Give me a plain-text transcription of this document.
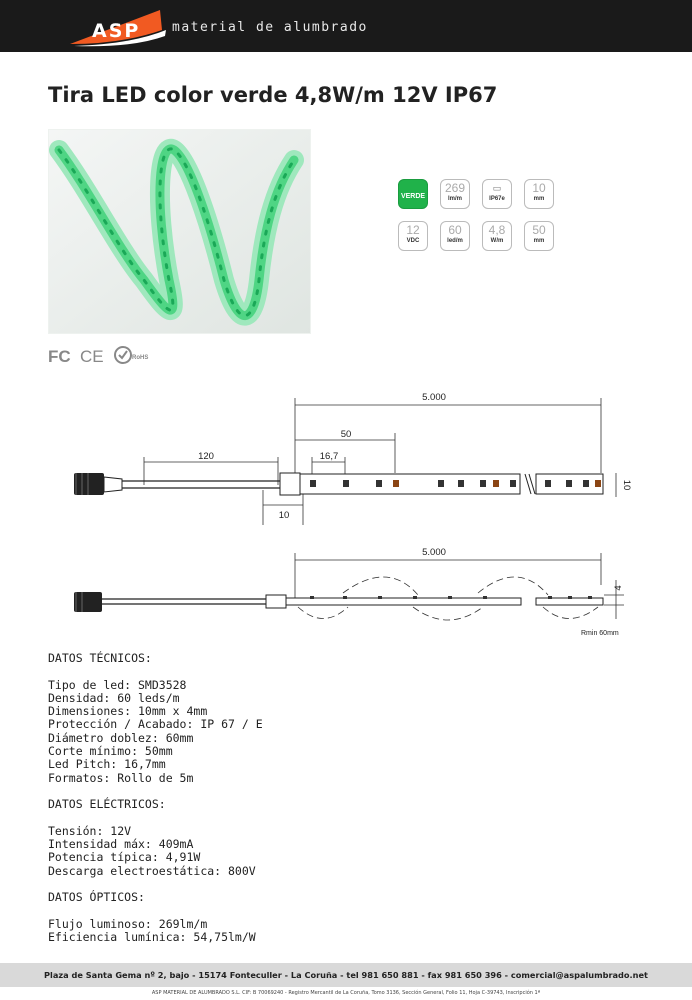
ASP material de alumbrado
Tira LED color verde 4,8W/m 12V IP67
VERDE
269
lm/m
▭
IP67e
10
mm
12
VDC
60
led/m
4,8
W/m
50
mm
FC CE	RoHS
5.000
50
16,7
120
10
10
5.000
4
Rmin 60mm
DATOS TÉCNICOS:
Tipo de led: SMD3528
Densidad: 60 leds/m
Dimensiones: 10mm x 4mm
Protección / Acabado: IP 67 / E
Diámetro doblez: 60mm
Corte mínimo: 50mm
Led Pitch: 16,7mm
Formatos: Rollo de 5m
DATOS ELÉCTRICOS:
Tensión: 12V
Intensidad máx: 409mA
Potencia típica: 4,91W
Descarga electroestática: 800V
DATOS ÓPTICOS:
Flujo luminoso: 269lm/m
Eficiencia lumínica: 54,75lm/W
Plaza de Santa Gema nº 2, bajo - 15174 Fonteculler - La Coruña - tel 981 650 881 - fax 981 650 396 - comercial@aspalumbrado.net
ASP MATERIAL DE ALUMBRADO S.L. CIF: B 70069240 - Registro Mercantil de La Coruña, Tomo 3136, Sección General, Folio 11, Hoja C-39743, Inscripción 1ª
